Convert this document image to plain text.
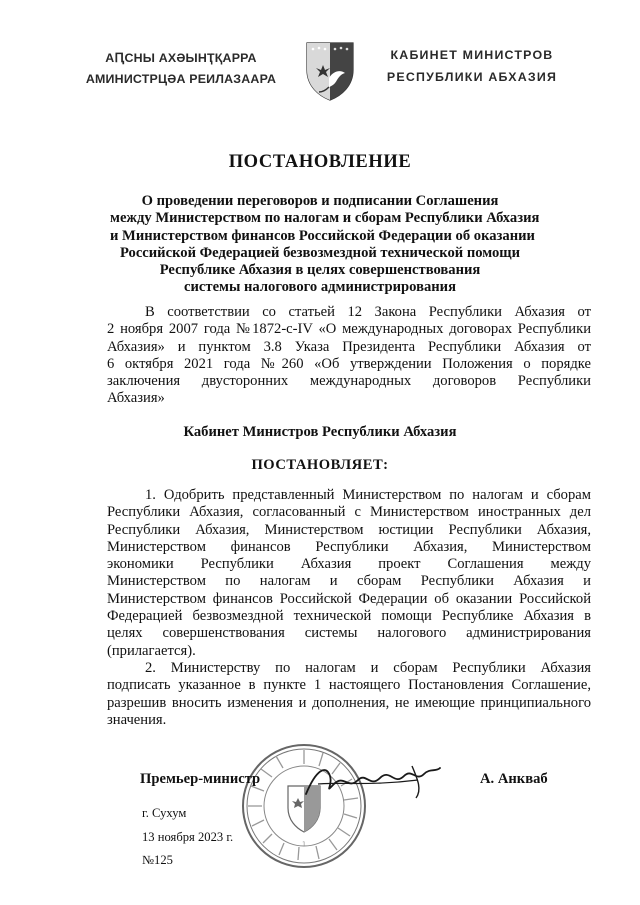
АԤСНЫ АХӘЫНҬҚАРРА
АМИНИСТРЦӘА РЕИЛАЗААРА
КАБИНЕТ МИНИСТРОВ
РЕСПУБЛИКИ АБХАЗИЯ
ПОСТАНОВЛЕНИЕ
О проведении переговоров и подписании Соглашения
между Министерством по налогам и сборам Республики Абхазия
и Министерством финансов Российской Федерации об оказании
Российской Федерацией безвозмездной технической помощи
Республике Абхазия в целях совершенствования
системы налогового администрирования
В соответствии со статьей 12 Закона Республики Абхазия от
2 ноября 2007 года №1872-с-IV «О международных договорах Республики
Абхазия» и пунктом 3.8 Указа Президента Республики Абхазия от
6 октября 2021 года №260 «Об утверждении Положения о порядке
заключения двусторонних международных договоров Республики
Абхазия»
Кабинет Министров Республики Абхазия
ПОСТАНОВЛЯЕТ:
1. Одобрить представленный Министерством по налогам и сборам
Республики Абхазия, согласованный с Министерством иностранных дел
Республики Абхазия, Министерством юстиции Республики Абхазия,
Министерством финансов Республики Абхазия, Министерством
экономики Республики Абхазия проект Соглашения между
Министерством по налогам и сборам Республики Абхазия и
Министерством финансов Российской Федерации об оказании Российской
Федерацией безвозмездной технической помощи Республике Абхазия в
целях совершенствования системы налогового администрирования
(прилагается).
2. Министерству по налогам и сборам Республики Абхазия
подписать указанное в пункте 1 настоящего Постановления Соглашение,
разрешив вносить изменения и дополнения, не имеющие принципиального
значения.
1
Премьер-министр	А. Анкваб
г. Сухум
13 ноября 2023 г.
№125
